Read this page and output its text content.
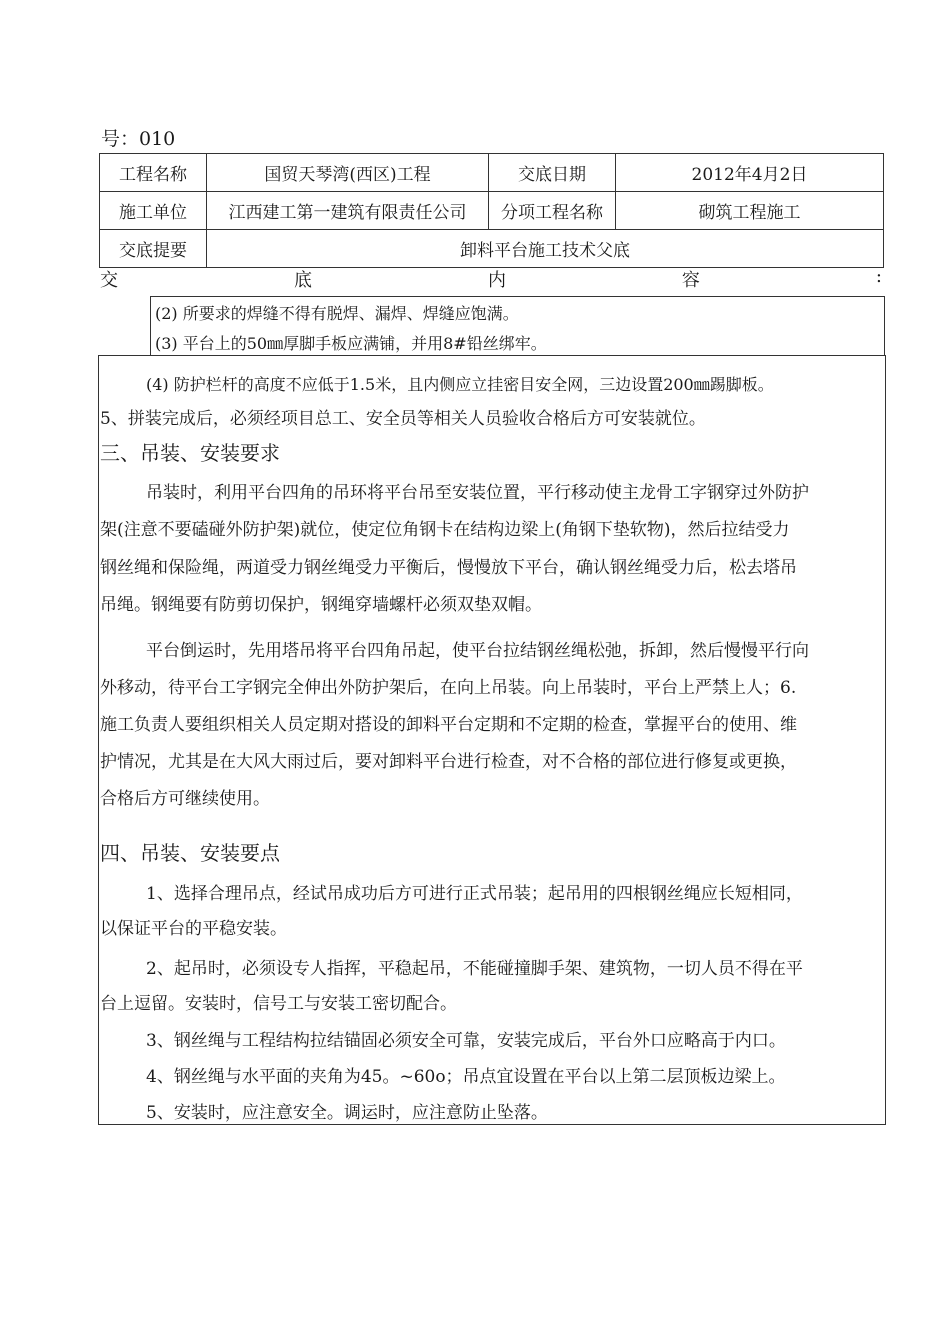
号：010
工程名称	国贸天琴湾(西区)工程	交底日期	2012年4月2日
施工单位	江西建工第一建筑有限责任公司	分项工程名称	砌筑工程施工
交底提要	卸料平台施工技术父底		
交	底	内	容	:
(2) 所要求的焊缝不得有脱焊、漏焊、焊缝应饱满。
(3) 平台上的50㎜厚脚手板应满铺，并用8#铅丝绑牢。
(4) 防护栏杆的高度不应低于1.5米，且内侧应立挂密目安全网，三边设置200㎜踢脚板。
5、拼装完成后，必须经项目总工、安全员等相关人员验收合格后方可安装就位。
三、吊装、安装要求
吊装时，利用平台四角的吊环将平台吊至安装位置，平行移动使主龙骨工字钢穿过外防护
架(注意不要磕碰外防护架)就位，使定位角钢卡在结构边梁上(角钢下垫软物)，然后拉结受力
钢丝绳和保险绳，两道受力钢丝绳受力平衡后，慢慢放下平台，确认钢丝绳受力后，松去塔吊
吊绳。钢绳要有防剪切保护，钢绳穿墙螺杆必须双垫双帽。
平台倒运时，先用塔吊将平台四角吊起，使平台拉结钢丝绳松弛，拆卸，然后慢慢平行向
外移动，待平台工字钢完全伸出外防护架后，在向上吊装。向上吊装时，平台上严禁上人；6.
施工负责人要组织相关人员定期对搭设的卸料平台定期和不定期的检查，掌握平台的使用、维
护情况，尤其是在大风大雨过后，要对卸料平台进行检查，对不合格的部位进行修复或更换，
合格后方可继续使用。
四、吊装、安装要点
1、选择合理吊点，经试吊成功后方可进行正式吊装；起吊用的四根钢丝绳应长短相同，
以保证平台的平稳安装。
2、起吊时，必须设专人指挥，平稳起吊，不能碰撞脚手架、建筑物，一切人员不得在平
台上逗留。安装时，信号工与安装工密切配合。
3、钢丝绳与工程结构拉结锚固必须安全可靠，安装完成后，平台外口应略高于内口。
4、钢丝绳与水平面的夹角为45。~60o；吊点宜设置在平台以上第二层顶板边梁上。
5、安装时，应注意安全。调运时，应注意防止坠落。
